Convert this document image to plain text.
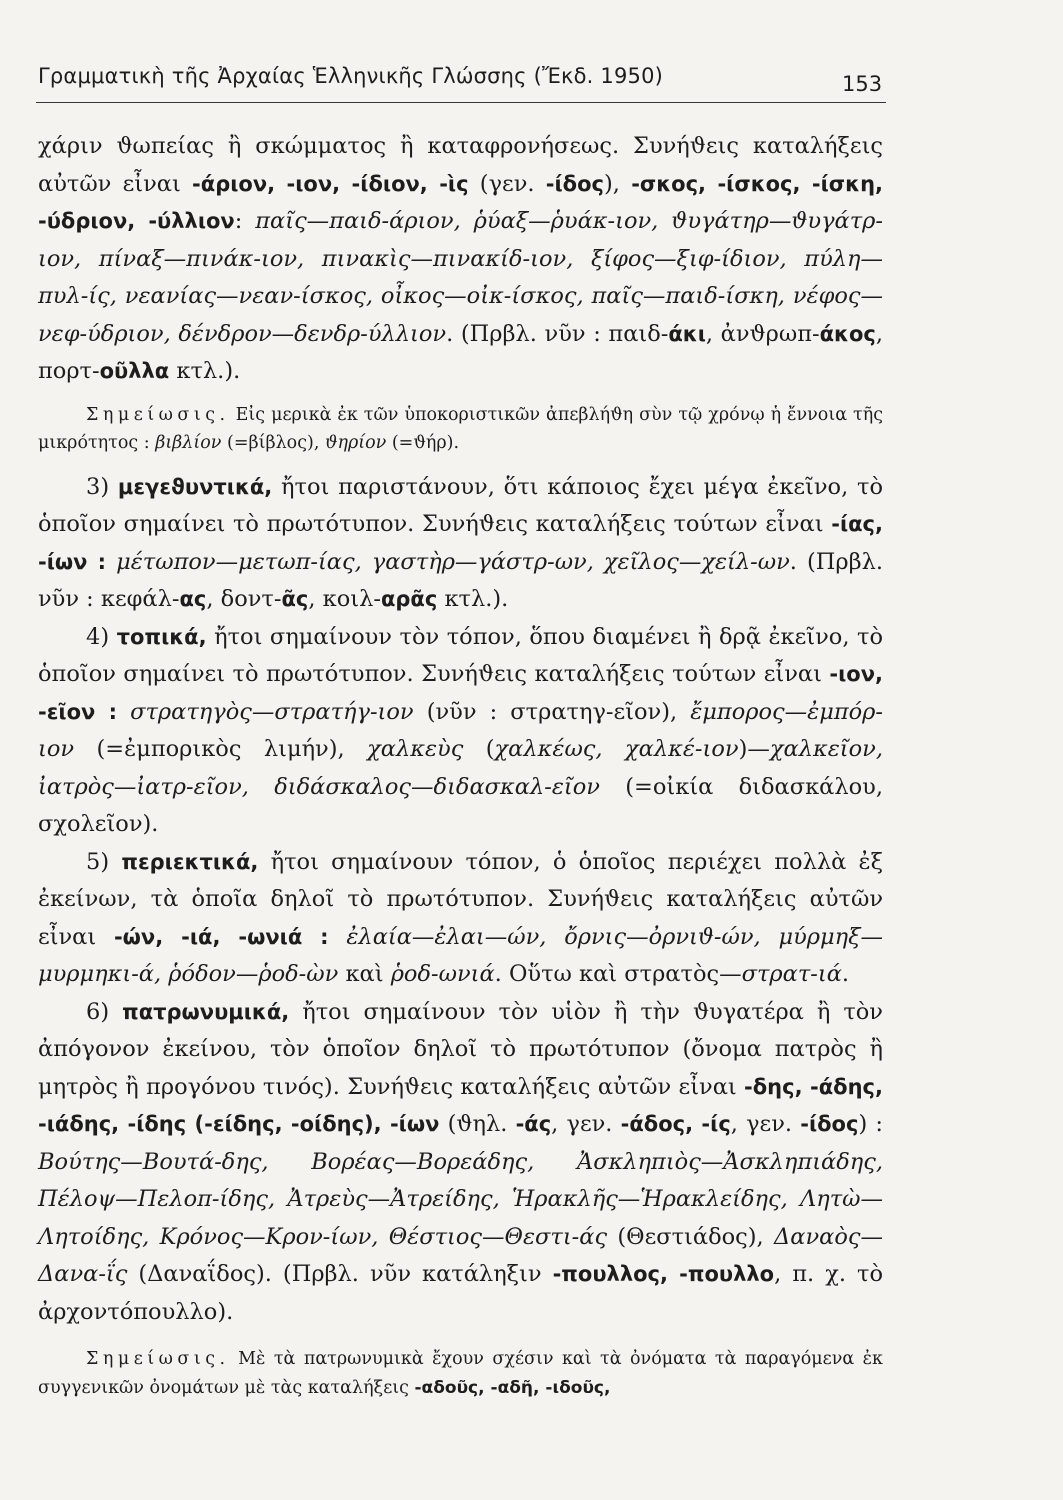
Γραμματικὴ τῆς Ἀρχαίας Ἑλληνικῆς Γλώσσης (Ἔκδ. 1950)	153

χάριν ϑωπείας ἢ σκώμματος ἢ καταφρονήσεως. Συνήϑεις καταλήξεις αὐτῶν εἶναι -άριον, -ιον, -ίδιον, -ὶς (γεν. -ίδος), -σκος, -ίσκος, -ίσκη, -ύδριον, -ύλλιον: παῖς—παιδ-άριον, ῥύαξ—ῥυάκ-ιον, ϑυγάτηρ—ϑυγάτρ-ιον, πίναξ—πινάκ-ιον, πινακὶς—πινακίδ-ιον, ξίφος—ξιφ-ίδιον, πύλη—πυλ-ίς, νεανίας—νεαν-ίσκος, οἶκος—οἰκ-ίσκος, παῖς—παιδ-ίσκη, νέφος—νεφ-ύδριον, δένδρον—δενδρ-ύλλιον. (Πρβλ. νῦν : παιδ-άκι, ἀνϑρωπ-άκος, πορτ-οῦλλα κτλ.).

Σημείωσις. Εἰς μερικὰ ἐκ τῶν ὑποκοριστικῶν ἀπεβλήϑη σὺν τῷ χρόνῳ ἡ ἔννοια τῆς μικρότητος : βιβλίον (=βίβλος), ϑηρίον (=ϑήρ).

3) μεγεϑυντικά, ἤτοι παριστάνουν, ὅτι κάποιος ἔχει μέγα ἐκεῖνο, τὸ ὁποῖον σημαίνει τὸ πρωτότυπον. Συνήϑεις καταλήξεις τούτων εἶναι -ίας, -ίων : μέτωπον—μετωπ-ίας, γαστὴρ—γάστρ-ων, χεῖλος—χείλ-ων. (Πρβλ. νῦν : κεφάλ-ας, δοντ-ᾶς, κοιλ-αρᾶς κτλ.).

4) τοπικά, ἤτοι σημαίνουν τὸν τόπον, ὅπου διαμένει ἢ δρᾷ ἐκεῖνο, τὸ ὁποῖον σημαίνει τὸ πρωτότυπον. Συνήϑεις καταλήξεις τούτων εἶναι -ιον, -εῖον : στρατηγὸς—στρατήγ-ιον (νῦν : στρατηγ-εῖον), ἔμπορος—ἐμπόρ-ιον (=ἐμπορικὸς λιμήν), χαλκεὺς (χαλκέως, χαλκέ-ιον)—χαλκεῖον, ἰατρὸς—ἰατρ-εῖον, διδάσκαλος—διδασκαλ-εῖον (=οἰκία διδασκάλου, σχολεῖον).

5) περιεκτικά, ἤτοι σημαίνουν τόπον, ὁ ὁποῖος περιέχει πολλὰ ἐξ ἐκείνων, τὰ ὁποῖα δηλοῖ τὸ πρωτότυπον. Συνήϑεις καταλήξεις αὐτῶν εἶναι -ών, -ιά, -ωνιά : ἐλαία—ἐλαι—ών, ὄρνις—ὀρνιϑ-ών, μύρμηξ—μυρμηκι-ά, ῥόδον—ῥοδ-ὼν καὶ ῥοδ-ωνιά. Οὕτω καὶ στρατὸς—στρατ-ιά.

6) πατρωνυμικά, ἤτοι σημαίνουν τὸν υἱὸν ἢ τὴν ϑυγατέρα ἢ τὸν ἀπόγονον ἐκείνου, τὸν ὁποῖον δηλοῖ τὸ πρωτότυπον (ὄνομα πατρὸς ἢ μητρὸς ἢ προγόνου τινός). Συνήϑεις καταλήξεις αὐτῶν εἶναι -δης, -άδης, -ιάδης, -ίδης (-είδης, -οίδης), -ίων (ϑηλ. -άς, γεν. -άδος, -ίς, γεν. -ίδος) : Βούτης—Βουτά-δης, Βορέας—Βορεάδης, Ἀσκληπιὸς—Ἀσκληπιάδης, Πέλοψ—Πελοπ-ίδης, Ἀτρεὺς—Ἀτρείδης, Ἡρακλῆς—Ἡρακλείδης, Λητὼ—Λητοίδης, Κρόνος—Κρον-ίων, Θέστιος—Θεστι-άς (Θεστιάδος), Δαναὸς—Δανα-ΐς (Δαναΐδος). (Πρβλ. νῦν κατάληξιν -πουλλος, -πουλλο, π. χ. τὸ ἀρχοντόπουλλο).

Σημείωσις. Μὲ τὰ πατρωνυμικὰ ἔχουν σχέσιν καὶ τὰ ὀνόματα τὰ παραγόμενα ἐκ συγγενικῶν ὀνομάτων μὲ τὰς καταλήξεις -αδοῦς, -αδῆ, -ιδοῦς,
